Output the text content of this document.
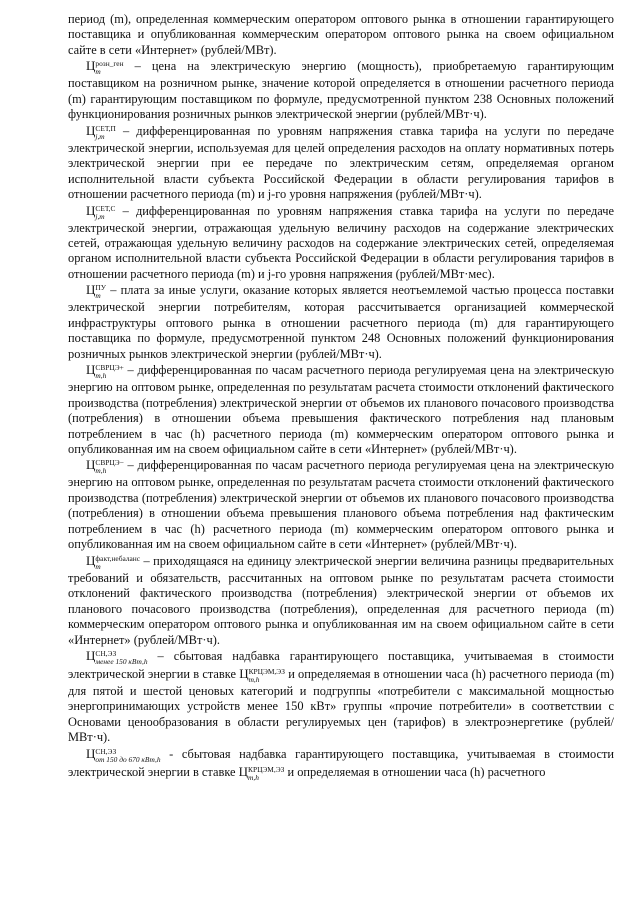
период (m), определенная коммерческим оператором оптового рынка в отношении гарантирующего поставщика и опубликованная коммерческим оператором оптового рынка на своем официальном сайте в сети «Интернет» (рублей/МВт).

Ц розн_ген
m	– цена на электрическую энергию (мощность), приобретаемую гарантирующим поставщиком на розничном рынке, значение которой определяется в отношении расчетного периода (m) гарантирующим поставщиком по формуле, предусмотренной пунктом 238 Основных положений функционирования розничных рынков электрической энергии (рублей/МВт·ч).

Ц СЕТ,П
j,m – дифференцированная по уровням напряжения ставка тарифа на услуги по передаче электрической энергии, используемая для целей определения расходов на оплату нормативных потерь электрической энергии при ее передаче по электрическим сетям, определяемая органом исполнительной власти субъекта Российской Федерации в области регулирования тарифов в отношении расчетного периода (m) и j-го уровня напряжения (рублей/МВт·ч).

Ц СЕТ,С
j,m – дифференцированная по уровням напряжения ставка тарифа на услуги по передаче электрической энергии, отражающая удельную величину расходов на содержание электрических сетей, отражающая удельную величину расходов на содержание электрических сетей, определяемая органом исполнительной власти субъекта Российской Федерации в области регулирования тарифов в отношении расчетного периода (m) и j-го уровня напряжения (рублей/МВт·мес).

Ц ПУ
m – плата за иные услуги, оказание которых является неотъемлемой частью процесса поставки электрической энергии потребителям, которая рассчитывается организацией коммерческой инфраструктуры оптового рынка в отношении расчетного периода (m) для гарантирующего поставщика по формуле, предусмотренной пунктом 248 Основных положений функционирования розничных рынков электрической энергии (рублей/МВт·ч).

Ц СВРЦЭ+
m,h	– дифференцированная по часам расчетного периода регулируемая цена на электрическую энергию на оптовом рынке, определенная по результатам расчета стоимости отклонений фактического производства (потребления) электрической энергии от объемов их планового почасового производства (потребления) в отношении объема превышения фактического потребления над плановым потреблением в час (h) расчетного периода (m) коммерческим оператором оптового рынка и опубликованная им на своем официальном сайте в сети «Интернет» (рублей/МВт·ч).

Ц СВРЦЭ−
m,h	– дифференцированная по часам расчетного периода регулируемая цена на электрическую энергию на оптовом рынке, определенная по результатам расчета стоимости отклонений фактического производства (потребления) электрической энергии от объемов их планового почасового производства (потребления) в отношении объема превышения планового объема потребления над фактическим потреблением в час (h) расчетного периода (m) коммерческим оператором оптового рынка и опубликованная им на своем официальном сайте в сети «Интернет» (рублей/МВт·ч).

Ц факт,небаланс
m	– приходящаяся на единицу электрической энергии величина разницы предварительных требований и обязательств, рассчитанных на оптовом рынке по результатам расчета стоимости отклонений фактического производства (потребления) электрической энергии от объемов их планового почасового производства (потребления), определенная для расчетного периода (m) коммерческим оператором оптового рынка и опубликованная им на своем официальном сайте в сети «Интернет» (рублей/МВт·ч).

Ц СН,ЭЗ
менее 150 кВт,h – сбытовая надбавка гарантирующего поставщика, учитываемая в стоимости электрической энергии в ставке Ц КРЦЭМ,ЭЗ
m,h	и определяемая в отношении часа (h) расчетного периода (m) для пятой и шестой ценовых категорий и подгруппы «потребители с максимальной мощностью энергопринимающих устройств менее 150 кВт» группы «прочие потребители» в соответствии с Основами ценообразования в области регулируемых цен (тарифов) в электроэнергетике (рублей/МВт·ч).

Ц СН,ЭЗ
от 150 до 670 кВт,h - сбытовая надбавка гарантирующего поставщика, учитываемая в стоимости электрической энергии в ставке Ц КРЦЭМ,ЭЗ
m,h	и определяемая в отношении часа (h) расчетного
